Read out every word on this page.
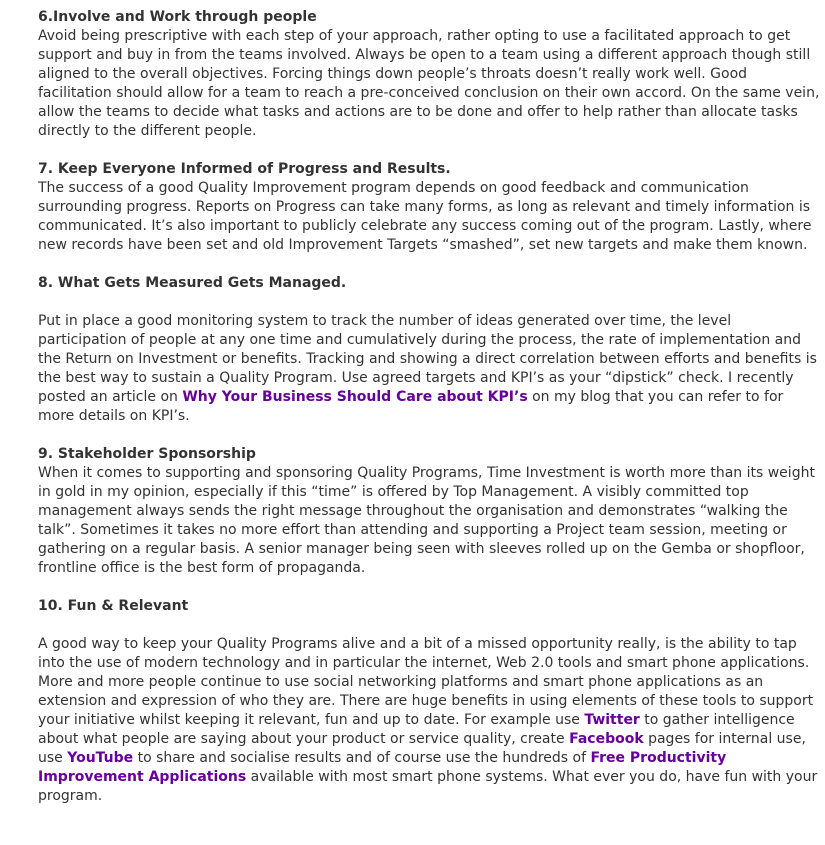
6.Involve and Work through people

Avoid being prescriptive with each step of your approach, rather opting to use a facilitated approach to get support and buy in from the teams involved. Always be open to a team using a different approach though still aligned to the overall objectives. Forcing things down people’s throats doesn’t really work well. Good facilitation should allow for a team to reach a pre-conceived conclusion on their own accord. On the same vein, allow the teams to decide what tasks and actions are to be done and offer to help rather than allocate tasks directly to the different people.

7. Keep Everyone Informed of Progress and Results.

The success of a good Quality Improvement program depends on good feedback and communication surrounding progress. Reports on Progress can take many forms, as long as relevant and timely information is communicated. It’s also important to publicly celebrate any success coming out of the program. Lastly, where new records have been set and old Improvement Targets “smashed”, set new targets and make them known.

8. What Gets Measured Gets Managed.

Put in place a good monitoring system to track the number of ideas generated over time, the level participation of people at any one time and cumulatively during the process, the rate of implementation and the Return on Investment or benefits. Tracking and showing a direct correlation between efforts and benefits is the best way to sustain a Quality Program. Use agreed targets and KPI’s as your “dipstick” check. I recently posted an article on Why Your Business Should Care about KPI’s on my blog that you can refer to for more details on KPI’s.

9. Stakeholder Sponsorship

When it comes to supporting and sponsoring Quality Programs, Time Investment is worth more than its weight in gold in my opinion, especially if this “time” is offered by Top Management. A visibly committed top management always sends the right message throughout the organisation and demonstrates “walking the talk”. Sometimes it takes no more effort than attending and supporting a Project team session, meeting or gathering on a regular basis. A senior manager being seen with sleeves rolled up on the Gemba or shopfloor, frontline office is the best form of propaganda.

10. Fun & Relevant

A good way to keep your Quality Programs alive and a bit of a missed opportunity really, is the ability to tap into the use of modern technology and in particular the internet, Web 2.0 tools and smart phone applications. More and more people continue to use social networking platforms and smart phone applications as an extension and expression of who they are. There are huge benefits in using elements of these tools to support your initiative whilst keeping it relevant, fun and up to date. For example use Twitter to gather intelligence about what people are saying about your product or service quality, create Facebook pages for internal use, use YouTube to share and socialise results and of course use the hundreds of Free Productivity Improvement Applications available with most smart phone systems. What ever you do, have fun with your program.
